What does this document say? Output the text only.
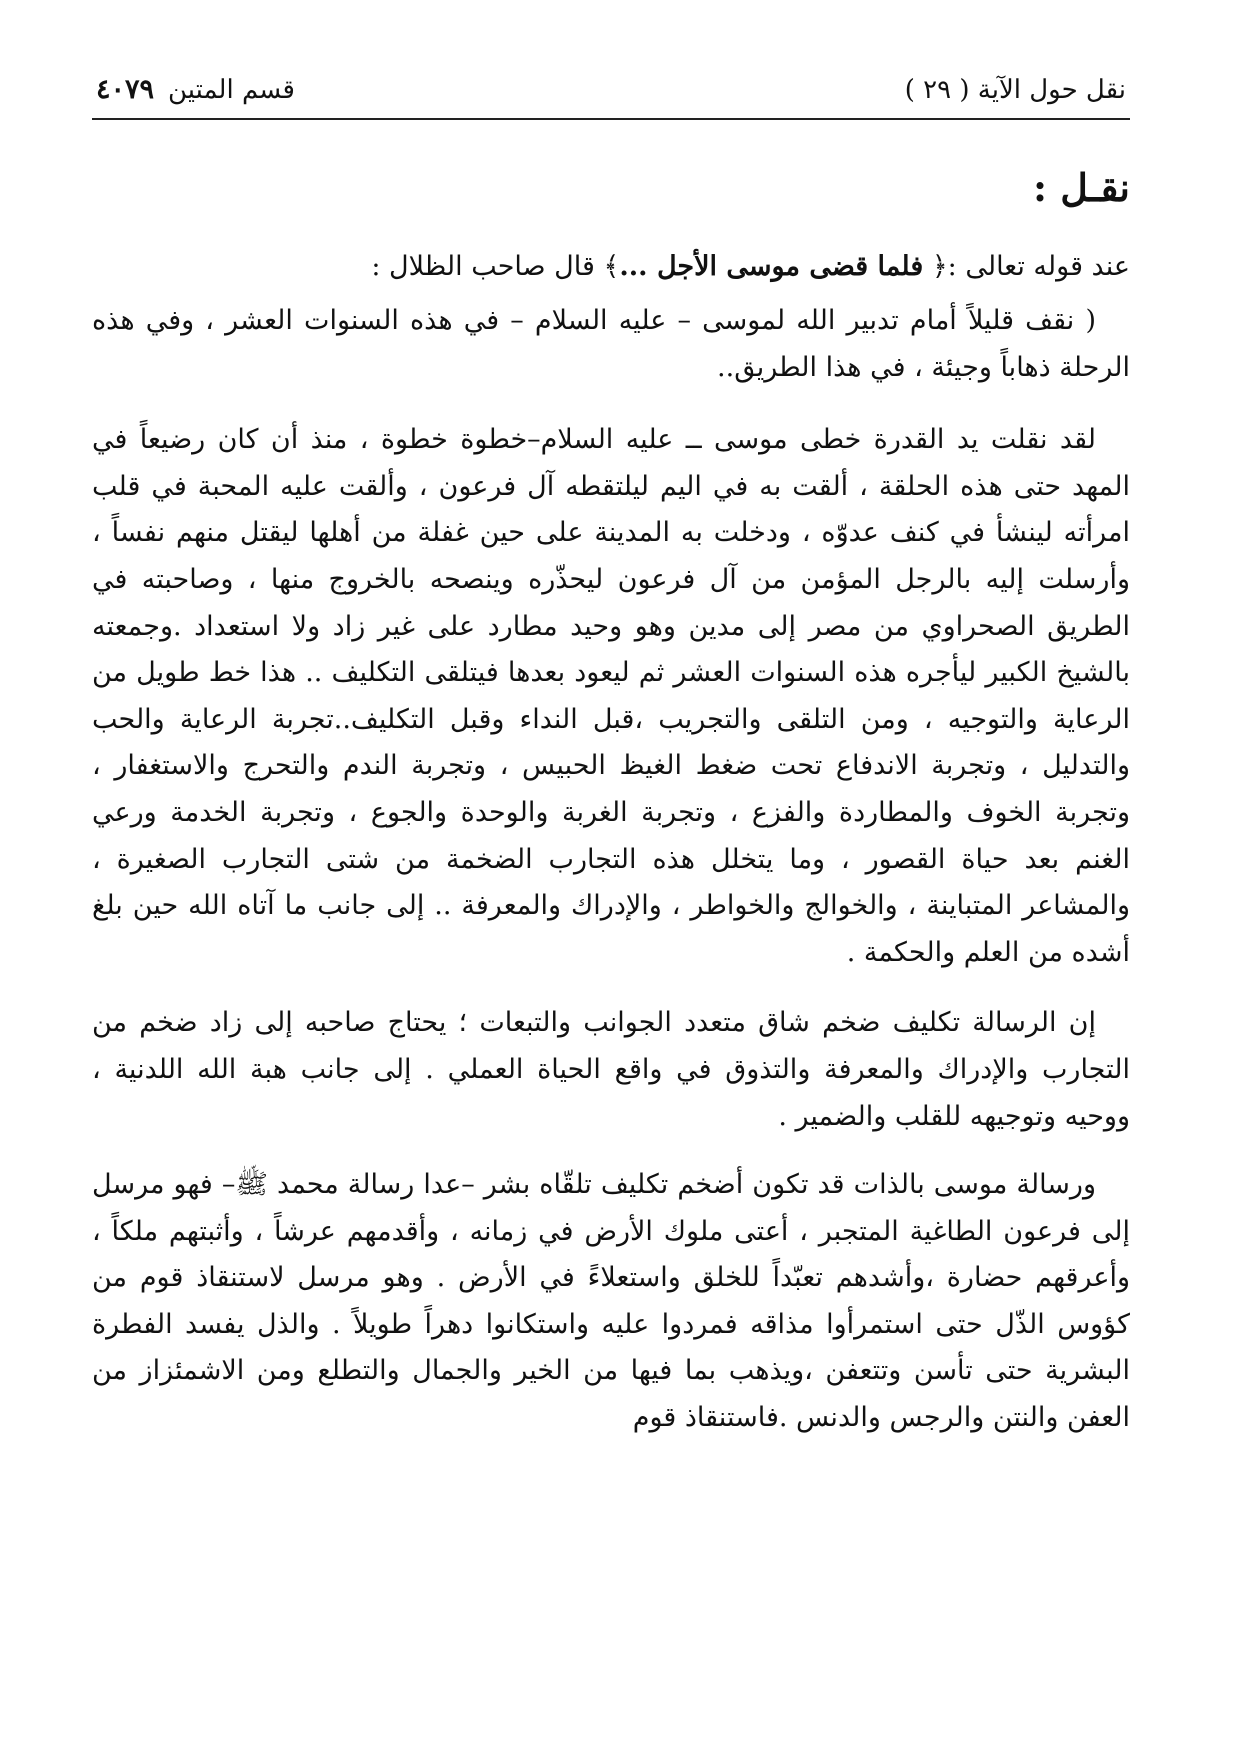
نقل حول الآية ( ٢٩ )
قسم المتين
٤٠٧٩
نقـل :

عند قوله تعالى :﴿ فلما قضى موسى الأجل ...﴾ قال صاحب الظلال :

( نقف قليلاً أمام تدبير الله لموسى – عليه السلام – في هذه السنوات العشر ، وفي هذه الرحلة ذهاباً وجيئة ، في هذا الطريق..

لقد نقلت يد القدرة خطى موسى ــ عليه السلام–خطوة خطوة ، منذ أن كان رضيعاً في المهد حتى هذه الحلقة ، ألقت به في اليم ليلتقطه آل فرعون ، وألقت عليه المحبة في قلب امرأته لينشأ في كنف عدوّه ، ودخلت به المدينة على حين غفلة من أهلها ليقتل منهم نفساً ، وأرسلت إليه بالرجل المؤمن من آل فرعون ليحذّره وينصحه بالخروج منها ، وصاحبته في الطريق الصحراوي من مصر إلى مدين وهو وحيد مطارد على غير زاد ولا استعداد .وجمعته بالشيخ الكبير ليأجره هذه السنوات العشر ثم ليعود بعدها فيتلقى التكليف .. هذا خط طويل من الرعاية والتوجيه ، ومن التلقى والتجريب ،قبل النداء وقبل التكليف..تجربة الرعاية والحب والتدليل ، وتجربة الاندفاع تحت ضغط الغيظ الحبيس ، وتجربة الندم والتحرج والاستغفار ، وتجربة الخوف والمطاردة والفزع ، وتجربة الغربة والوحدة والجوع ، وتجربة الخدمة ورعي الغنم بعد حياة القصور ، وما يتخلل هذه التجارب الضخمة من شتى التجارب الصغيرة ، والمشاعر المتباينة ، والخوالج والخواطر ، والإدراك والمعرفة .. إلى جانب ما آتاه الله حين بلغ أشده من العلم والحكمة .

إن الرسالة تكليف ضخم شاق متعدد الجوانب والتبعات ؛ يحتاج صاحبه إلى زاد ضخم من التجارب والإدراك والمعرفة والتذوق في واقع الحياة العملي . إلى جانب هبة الله اللدنية ، ووحيه وتوجيهه للقلب والضمير .

ورسالة موسى بالذات قد تكون أضخم تكليف تلقّاه بشر –عدا رسالة محمد ﷺ– فهو مرسل إلى فرعون الطاغية المتجبر ، أعتى ملوك الأرض في زمانه ، وأقدمهم عرشاً ، وأثبتهم ملكاً ، وأعرقهم حضارة ،وأشدهم تعبّداً للخلق واستعلاءً في الأرض . وهو مرسل لاستنقاذ قوم من كؤوس الذّل حتى استمرأوا مذاقه فمردوا عليه واستكانوا دهراً طويلاً . والذل يفسد الفطرة البشرية حتى تأسن وتتعفن ،ويذهب بما فيها من الخير والجمال والتطلع ومن الاشمئزاز من العفن والنتن والرجس والدنس .فاستنقاذ قوم
